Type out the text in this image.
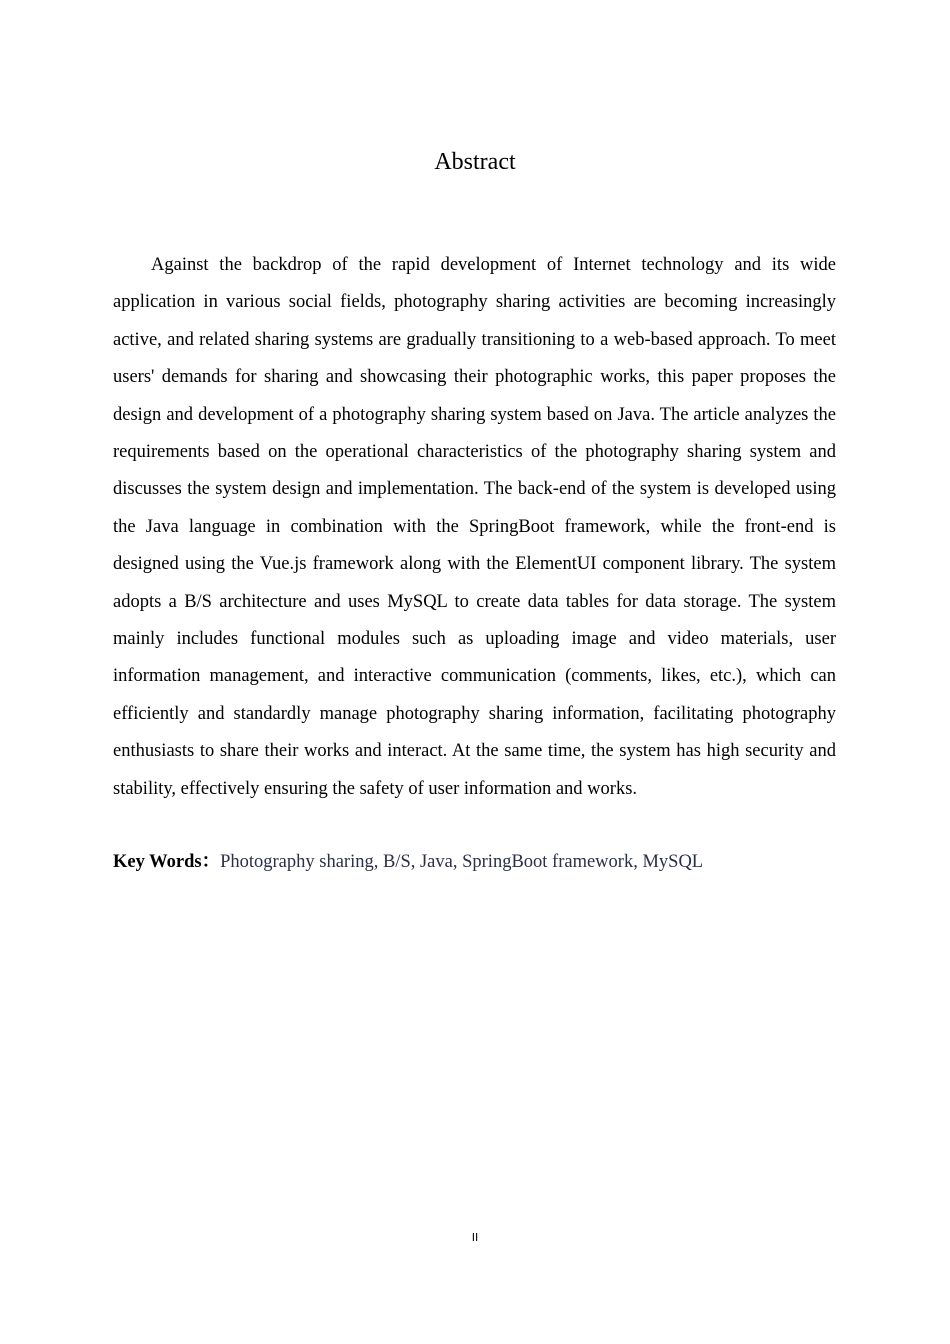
Abstract

Against the backdrop of the rapid development of Internet technology and its wide application in various social fields, photography sharing activities are becoming increasingly active, and related sharing systems are gradually transitioning to a web-based approach. To meet users' demands for sharing and showcasing their photographic works, this paper proposes the design and development of a photography sharing system based on Java. The article analyzes the requirements based on the operational characteristics of the photography sharing system and discusses the system design and implementation. The back-end of the system is developed using the Java language in combination with the SpringBoot framework, while the front-end is designed using the Vue.js framework along with the ElementUI component library. The system adopts a B/S architecture and uses MySQL to create data tables for data storage. The system mainly includes functional modules such as uploading image and video materials, user information management, and interactive communication (comments, likes, etc.), which can efficiently and standardly manage photography sharing information, facilitating photography enthusiasts to share their works and interact. At the same time, the system has high security and stability, effectively ensuring the safety of user information and works.

Key Words：Photography sharing, B/S, Java, SpringBoot framework, MySQL

II
